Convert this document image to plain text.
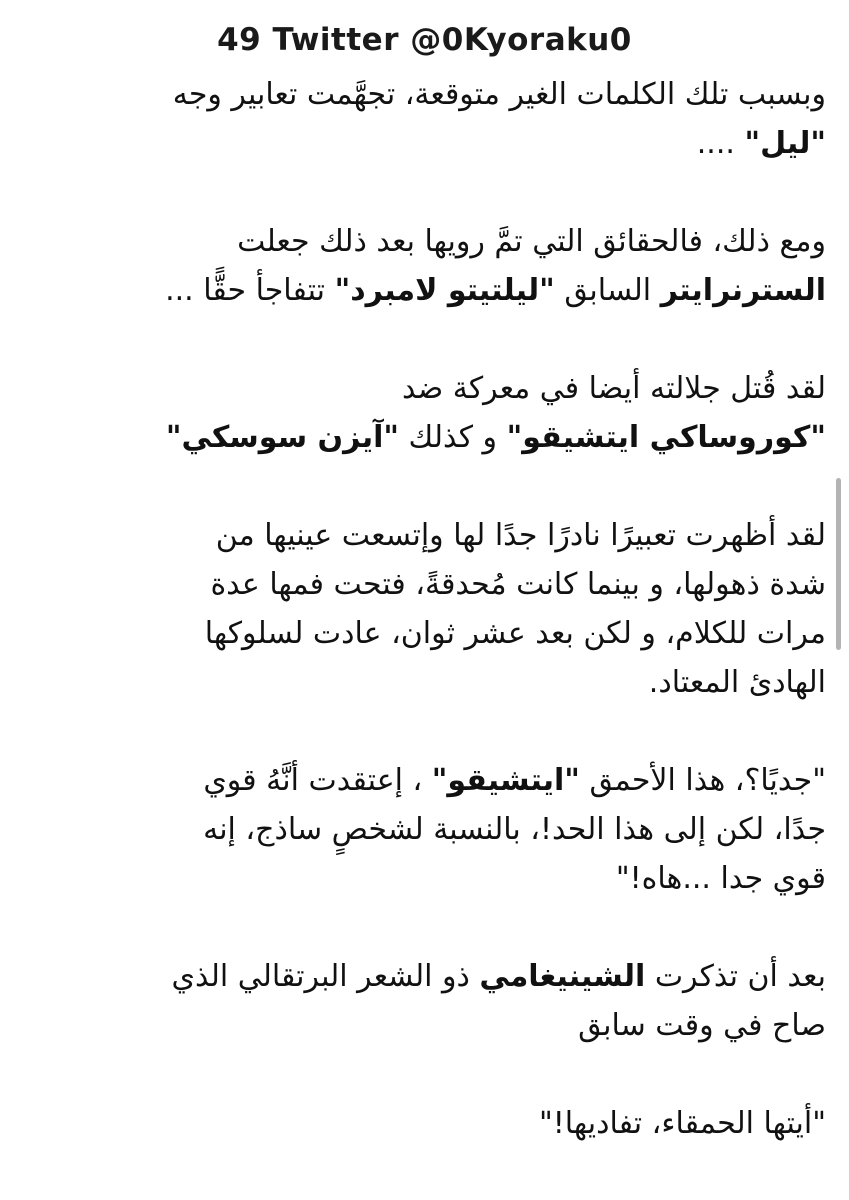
49 Twitter @0Kyoraku0
وبسبب تلك الكلمات الغير متوقعة، تجهَّمت تعابير وجه
"ليل" ....
ومع ذلك، فالحقائق التي تمَّ رويها بعد ذلك جعلت
السترنرايتر السابق "ليلتيتو لامبرد" تتفاجأ حقًّا ...
لقد قُتل جلالته أيضا في معركة ضد
"كوروساكي ايتشيقو" و كذلك "آيزن سوسكي"
لقد أظهرت تعبيرًا نادرًا جدًا لها وإتسعت عينيها من
شدة ذهولها، و بينما كانت مُحدقةً، فتحت فمها عدة
مرات للكلام، و لكن بعد عشر ثوان، عادت لسلوكها
الهادئ المعتاد.
"جديًا؟، هذا الأحمق "ايتشيقو" ، إعتقدت أنَّهُ قوي
جدًا، لكن إلى هذا الحد!، بالنسبة لشخصٍ ساذج، إنه
قوي جدا ...هاه!"
بعد أن تذكرت الشينيغامي ذو الشعر البرتقالي الذي
صاح في وقت سابق
"أيتها الحمقاء، تفاديها!"
